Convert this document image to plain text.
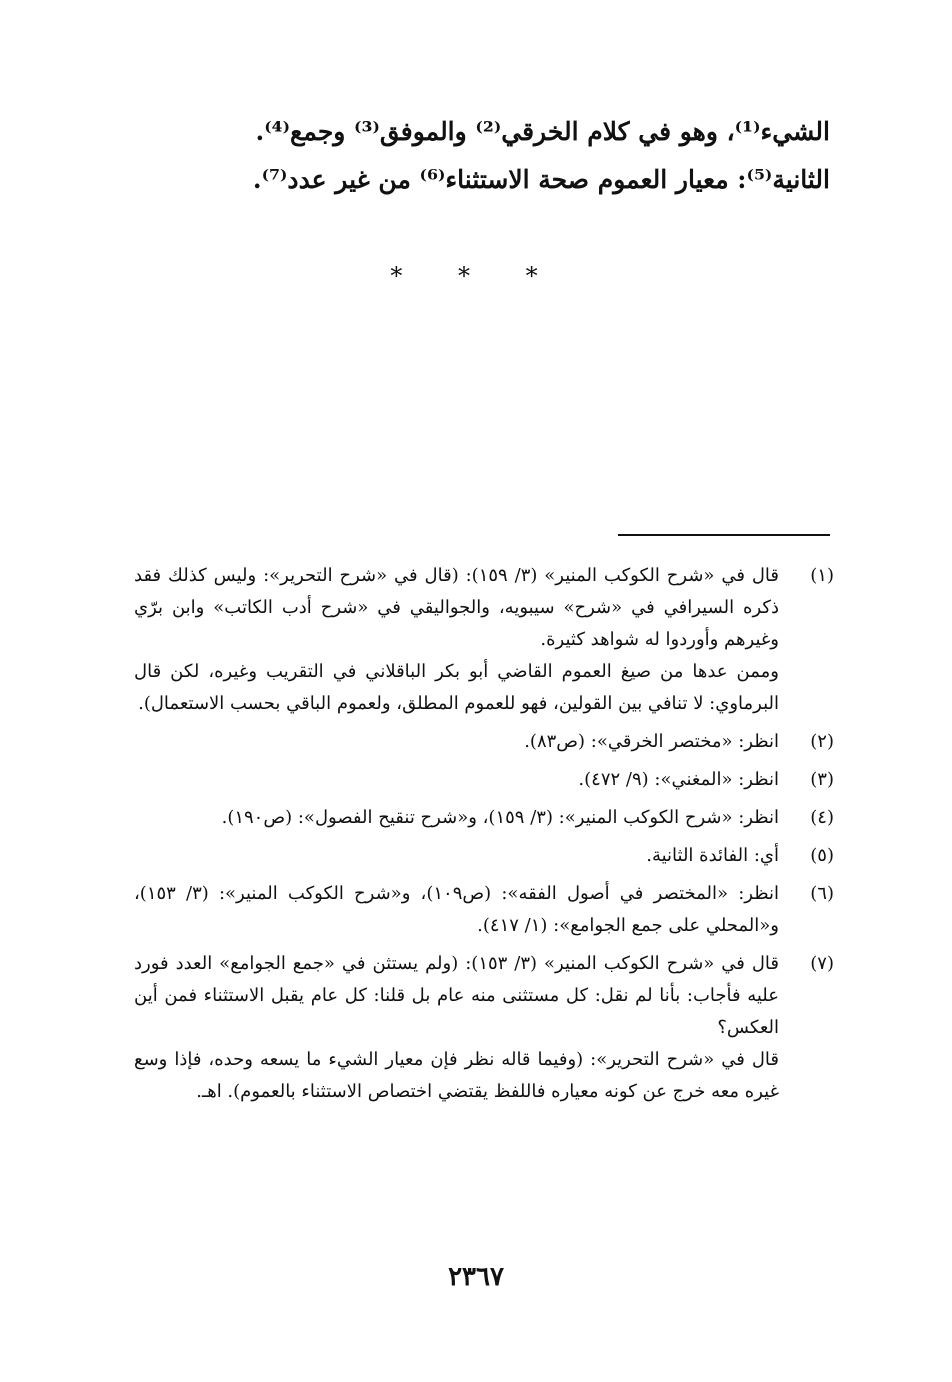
الشيء⁽¹⁾، وهو في كلام الخرقي⁽²⁾ والموفق⁽³⁾ وجمع⁽⁴⁾.
الثانية⁽⁵⁾: معيار العموم صحة الاستثناء⁽⁶⁾ من غير عدد⁽⁷⁾.
* * *
(١)

قال في «شرح الكوكب المنير» (٣/ ١٥٩): (قال في «شرح التحرير»: وليس كذلك فقد ذكره السيرافي في «شرح» سيبويه، والجواليقي في «شرح أدب الكاتب» وابن برّي وغيرهم وأوردوا له شواهد كثيرة.

وممن عدها من صيغ العموم القاضي أبو بكر الباقلاني في التقريب وغيره، لكن قال البرماوي: لا تنافي بين القولين، فهو للعموم المطلق، ولعموم الباقي بحسب الاستعمال).

(٢)

انظر: «مختصر الخرقي»: (ص٨٣).

(٣)

انظر: «المغني»: (٩/ ٤٧٢).

(٤)

انظر: «شرح الكوكب المنير»: (٣/ ١٥٩)، و«شرح تنقيح الفصول»: (ص١٩٠).

(٥)

أي: الفائدة الثانية.

(٦)

انظر: «المختصر في أصول الفقه»: (ص١٠٩)، و«شرح الكوكب المنير»: (٣/ ١٥٣)، و«المحلي على جمع الجوامع»: (١/ ٤١٧).

(٧)

قال في «شرح الكوكب المنير» (٣/ ١٥٣): (ولم يستثن في «جمع الجوامع» العدد فورد عليه فأجاب: بأنا لم نقل: كل مستثنى منه عام بل قلنا: كل عام يقبل الاستثناء فمن أين العكس؟

قال في «شرح التحرير»: (وفيما قاله نظر فإن معيار الشيء ما يسعه وحده، فإذا وسع غيره معه خرج عن كونه معياره فاللفظ يقتضي اختصاص الاستثناء بالعموم). اهـ.

٢٣٦٧
